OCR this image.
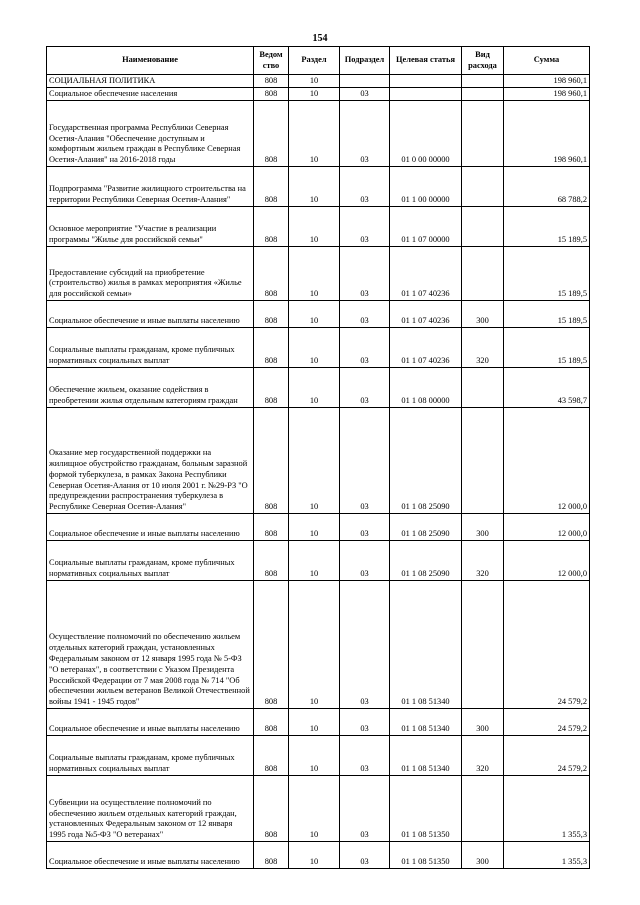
154
Наименование	Ведом ство	Раздел	Подраздел	Целевая статья	Вид расхода	Сумма
СОЦИАЛЬНАЯ ПОЛИТИКА	808	10				198 960,1
Социальное обеспечение населения	808	10	03			198 960,1
Государственная программа Республики Северная Осетия-Алания "Обеспечение доступным и комфортным жильем граждан в Республике Северная Осетия-Алания" на 2016-2018 годы	808	10	03	01 0 00 00000		198 960,1
Подпрограмма "Развитие жилищного строительства на территории Республики Северная Осетия-Алания"	808	10	03	01 1 00 00000		68 788,2
Основное мероприятие "Участие в реализации программы "Жилье для российской семьи"	808	10	03	01 1 07 00000		15 189,5
Предоставление субсидий на приобретение (строительство) жилья в рамках мероприятия «Жилье для российской семьи»	808	10	03	01 1 07 40236		15 189,5
Социальное обеспечение и иные выплаты населению	808	10	03	01 1 07 40236	300	15 189,5
Социальные выплаты гражданам, кроме публичных нормативных социальных выплат	808	10	03	01 1 07 40236	320	15 189,5
Обеспечение жильем, оказание содействия в преобретении жилья отдельным категориям граждан	808	10	03	01 1 08 00000		43 598,7
Оказание мер государственной поддержки на жилищное обустройство гражданам, больным заразной формой туберкулеза, в рамках Закона Республики Северная Осетия-Алания от 10 июля 2001 г. №29-РЗ "О предупреждении распространения туберкулеза в Республике Северная Осетия-Алания"	808	10	03	01 1 08 25090		12 000,0
Социальное обеспечение и иные выплаты населению	808	10	03	01 1 08 25090	300	12 000,0
Социальные выплаты гражданам, кроме публичных нормативных социальных выплат	808	10	03	01 1 08 25090	320	12 000,0
Осуществление полномочий по обеспечению жильем отдельных категорий граждан, установленных Федеральным законом от 12 января 1995 года № 5-ФЗ "О ветеранах", в соответствии с Указом Президента Российской Федерации от 7 мая 2008 года № 714 "Об обеспечении жильем ветеранов Великой Отечественной войны 1941 - 1945 годов"	808	10	03	01 1 08 51340		24 579,2
Социальное обеспечение и иные выплаты населению	808	10	03	01 1 08 51340	300	24 579,2
Социальные выплаты гражданам, кроме публичных нормативных социальных выплат	808	10	03	01 1 08 51340	320	24 579,2
Субвенции на осуществление полномочий по обеспечению жильем отдельных категорий граждан, установленных Федеральным законом от 12 января 1995 года №5-ФЗ "О ветеранах"	808	10	03	01 1 08 51350		1 355,3
Социальное обеспечение и иные выплаты населению	808	10	03	01 1 08 51350	300	1 355,3
